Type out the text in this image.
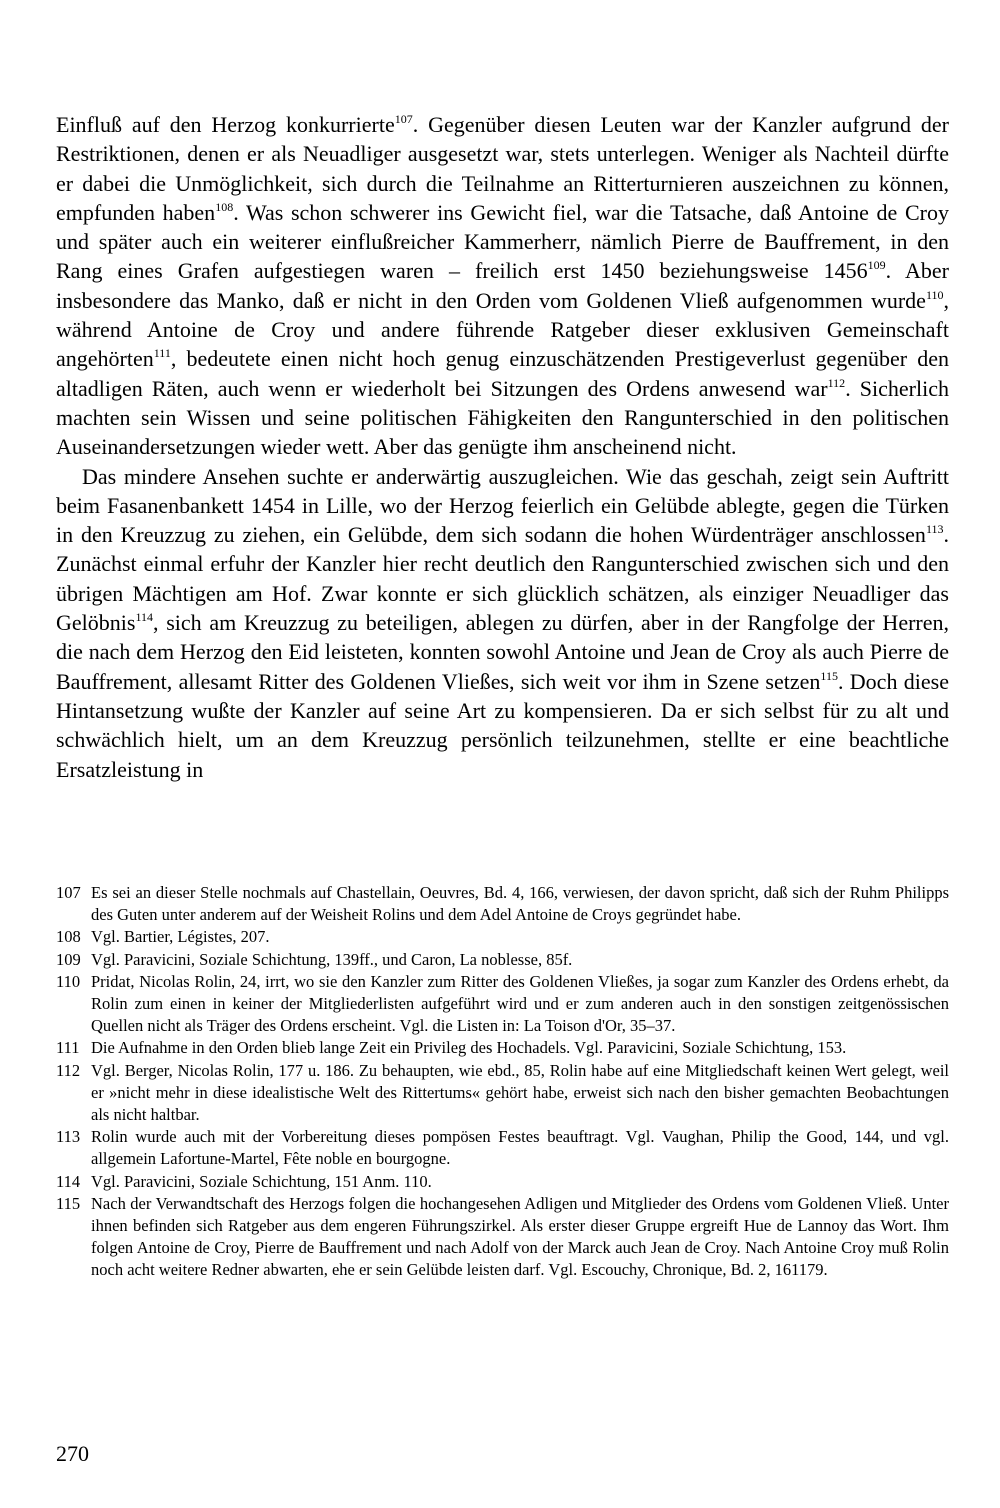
Einfluß auf den Herzog konkurrierte$^{107}$. Gegenüber diesen Leuten war der Kanzler aufgrund der Restriktionen, denen er als Neuadliger ausgesetzt war, stets unterlegen. Weniger als Nachteil dürfte er dabei die Unmöglichkeit, sich durch die Teilnahme an Ritterturnieren auszeichnen zu können, empfunden haben$^{108}$. Was schon schwerer ins Gewicht fiel, war die Tatsache, daß Antoine de Croy und später auch ein weiterer einflußreicher Kammerherr, nämlich Pierre de Bauffrement, in den Rang eines Grafen aufgestiegen waren – freilich erst 1450 beziehungsweise 1456$^{109}$. Aber insbesondere das Manko, daß er nicht in den Orden vom Goldenen Vließ aufgenommen wurde$^{110}$, während Antoine de Croy und andere führende Ratgeber dieser exklusiven Gemeinschaft angehörten$^{111}$, bedeutete einen nicht hoch genug einzuschätzenden Prestigeverlust gegenüber den altadligen Räten, auch wenn er wiederholt bei Sitzungen des Ordens anwesend war$^{112}$. Sicherlich machten sein Wissen und seine politischen Fähigkeiten den Rangunterschied in den politischen Auseinandersetzungen wieder wett. Aber das genügte ihm anscheinend nicht.

Das mindere Ansehen suchte er anderwärtig auszugleichen. Wie das geschah, zeigt sein Auftritt beim Fasanenbankett 1454 in Lille, wo der Herzog feierlich ein Gelübde ablegte, gegen die Türken in den Kreuzzug zu ziehen, ein Gelübde, dem sich sodann die hohen Würdenträger anschlossen$^{113}$. Zunächst einmal erfuhr der Kanzler hier recht deutlich den Rangunterschied zwischen sich und den übrigen Mächtigen am Hof. Zwar konnte er sich glücklich schätzen, als einziger Neuadliger das Gelöbnis$^{114}$, sich am Kreuzzug zu beteiligen, ablegen zu dürfen, aber in der Rangfolge der Herren, die nach dem Herzog den Eid leisteten, konnten sowohl Antoine und Jean de Croy als auch Pierre de Bauffrement, allesamt Ritter des Goldenen Vließes, sich weit vor ihm in Szene setzen$^{115}$. Doch diese Hintansetzung wußte der Kanzler auf seine Art zu kompensieren. Da er sich selbst für zu alt und schwächlich hielt, um an dem Kreuzzug persönlich teilzunehmen, stellte er eine beachtliche Ersatzleistung in

107 Es sei an dieser Stelle nochmals auf Chastellain, Oeuvres, Bd. 4, 166, verwiesen, der davon spricht, daß sich der Ruhm Philipps des Guten unter anderem auf der Weisheit Rolins und dem Adel Antoine de Croys gegründet habe.
108 Vgl. Bartier, Légistes, 207.
109 Vgl. Paravicini, Soziale Schichtung, 139ff., und Caron, La noblesse, 85f.
110 Pridat, Nicolas Rolin, 24, irrt, wo sie den Kanzler zum Ritter des Goldenen Vließes, ja sogar zum Kanzler des Ordens erhebt, da Rolin zum einen in keiner der Mitgliederlisten aufgeführt wird und er zum anderen auch in den sonstigen zeitgenössischen Quellen nicht als Träger des Ordens erscheint. Vgl. die Listen in: La Toison d'Or, 35–37.
111 Die Aufnahme in den Orden blieb lange Zeit ein Privileg des Hochadels. Vgl. Paravicini, Soziale Schichtung, 153.
112 Vgl. Berger, Nicolas Rolin, 177 u. 186. Zu behaupten, wie ebd., 85, Rolin habe auf eine Mitgliedschaft keinen Wert gelegt, weil er »nicht mehr in diese idealistische Welt des Rittertums« gehört habe, erweist sich nach den bisher gemachten Beobachtungen als nicht haltbar.
113 Rolin wurde auch mit der Vorbereitung dieses pompösen Festes beauftragt. Vgl. Vaughan, Philip the Good, 144, und vgl. allgemein Lafortune-Martel, Fête noble en bourgogne.
114 Vgl. Paravicini, Soziale Schichtung, 151 Anm. 110.
115 Nach der Verwandtschaft des Herzogs folgen die hochangesehen Adligen und Mitglieder des Ordens vom Goldenen Vließ. Unter ihnen befinden sich Ratgeber aus dem engeren Führungszirkel. Als erster dieser Gruppe ergreift Hue de Lannoy das Wort. Ihm folgen Antoine de Croy, Pierre de Bauffrement und nach Adolf von der Marck auch Jean de Croy. Nach Antoine Croy muß Rolin noch acht weitere Redner abwarten, ehe er sein Gelübde leisten darf. Vgl. Escouchy, Chronique, Bd. 2, 161179.
270
